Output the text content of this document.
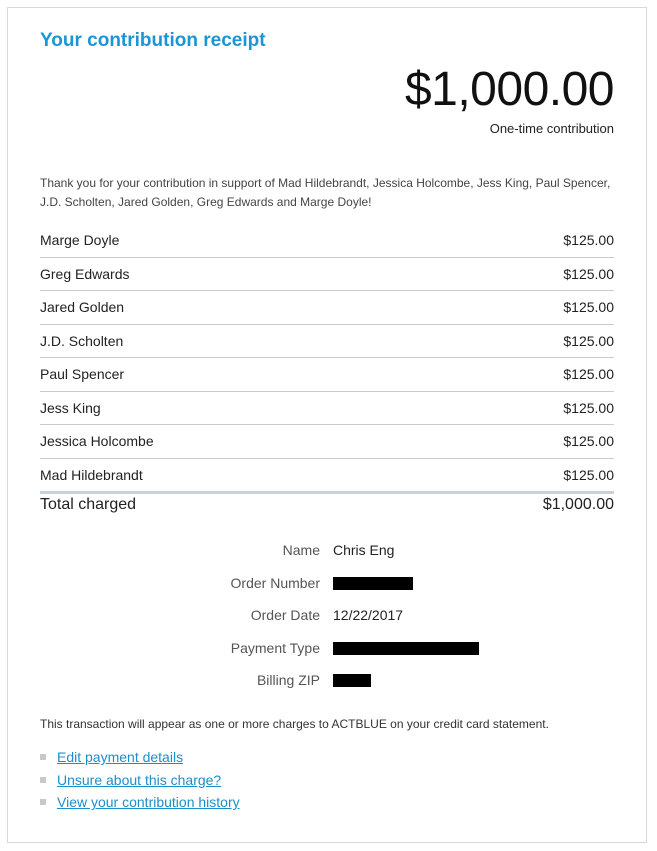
Your contribution receipt
$1,000.00
One-time contribution
Thank you for your contribution in support of Mad Hildebrandt, Jessica Holcombe, Jess King, Paul Spencer, J.D. Scholten, Jared Golden, Greg Edwards and Marge Doyle!
Marge Doyle	$125.00
Greg Edwards	$125.00
Jared Golden	$125.00
J.D. Scholten	$125.00
Paul Spencer	$125.00
Jess King	$125.00
Jessica Holcombe	$125.00
Mad Hildebrandt	$125.00
Total charged	$1,000.00
Name Chris Eng
Order Number
Order Date 12/22/2017
Payment Type
Billing ZIP
This transaction will appear as one or more charges to ACTBLUE on your credit card statement.
Edit payment details
Unsure about this charge?
View your contribution history
